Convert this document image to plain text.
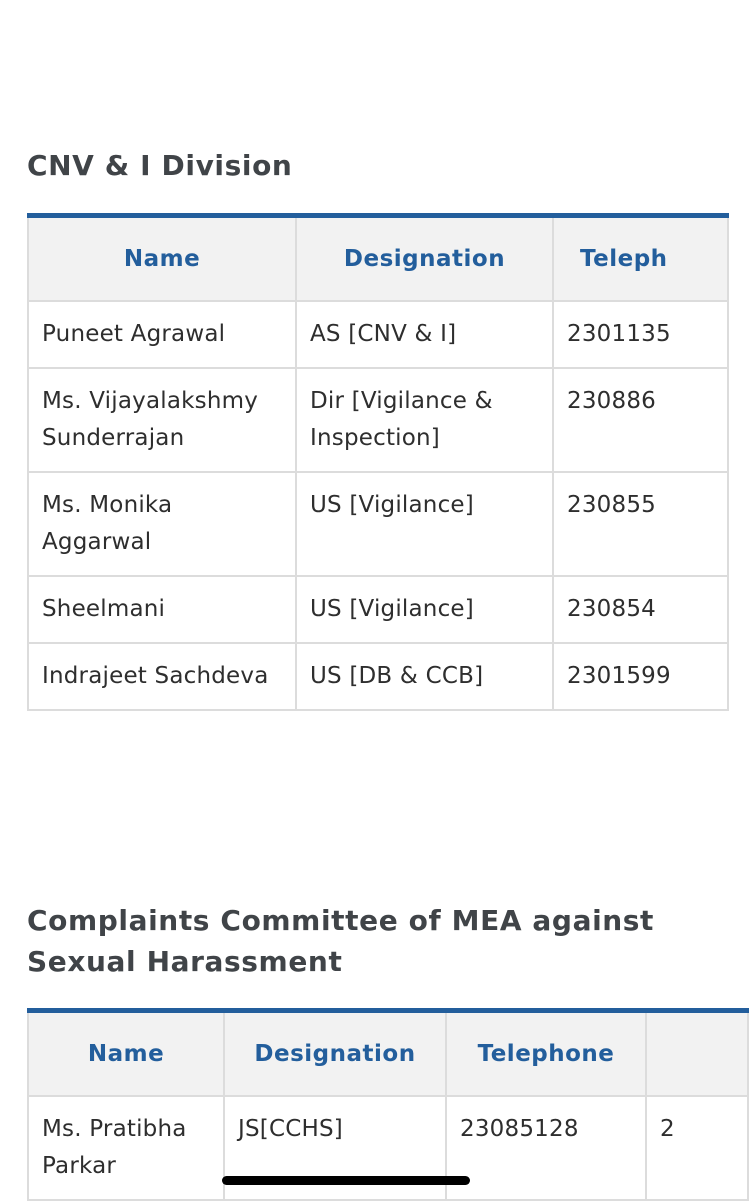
CNV & I Division
Name	Designation	Teleph
Puneet Agrawal	AS [CNV & I]	2301135
Ms. Vijayalakshmy Sunderrajan	Dir [Vigilance & Inspection]	230886
Ms. Monika Aggarwal	US [Vigilance]	230855
Sheelmani	US [Vigilance]	230854
Indrajeet Sachdeva	US [DB & CCB]	2301599
Complaints Committee of MEA against Sexual Harassment
Name	Designation	Telephone	
Ms. Pratibha Parkar	JS[CCHS]	23085128	2
